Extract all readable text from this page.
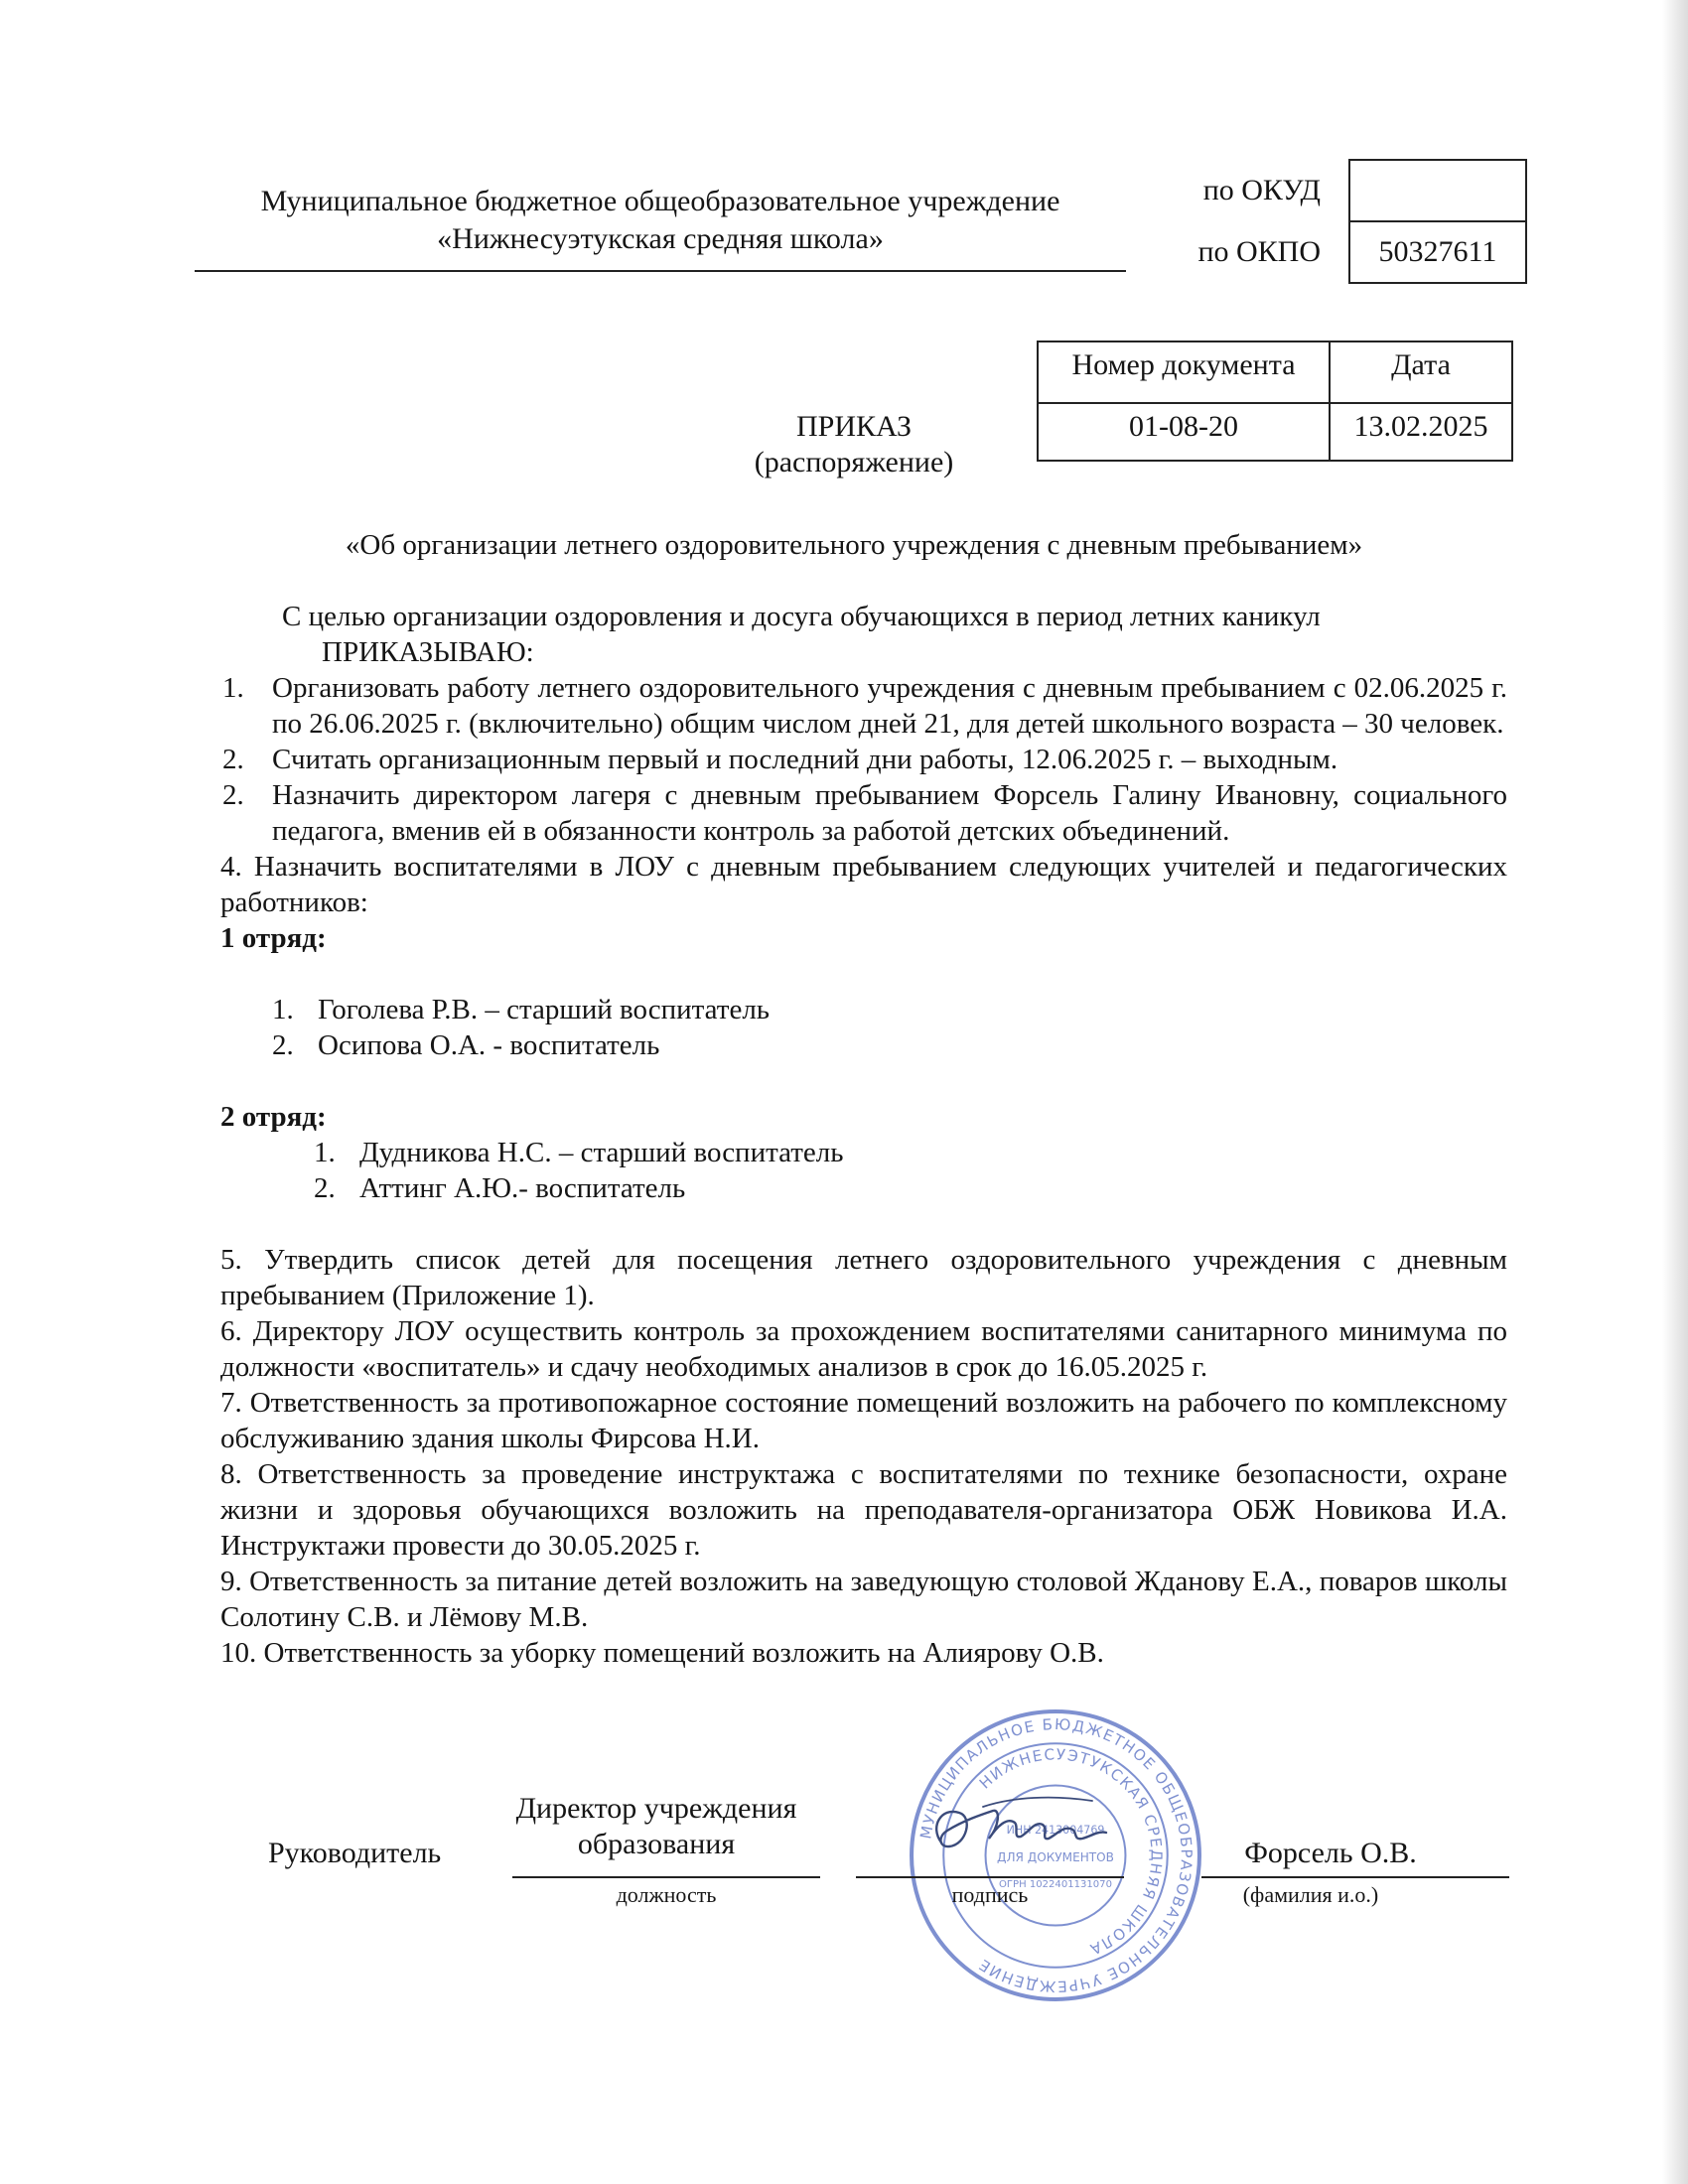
Муниципальное бюджетное общеобразовательное учреждение
«Нижнесуэтукская средняя школа»
по ОКУД	
по ОКПО	50327611
Номер документа	Дата
01-08-20	13.02.2025
ПРИКАЗ
(распоряжение)
«Об организации летнего оздоровительного учреждения с дневным пребыванием»

С целью организации оздоровления и досуга обучающихся в период летних каникул

ПРИКАЗЫВАЮ:

1. Организовать работу летнего оздоровительного учреждения с дневным пребыванием с 02.06.2025 г. по 26.06.2025 г. (включительно) общим числом дней 21, для детей школьного возраста – 30 человек.

2. Считать организационным первый и последний дни работы, 12.06.2025 г. – выходным.

2. Назначить директором лагеря с дневным пребыванием Форсель Галину Ивановну, социального педагога, вменив ей в обязанности контроль за работой детских объединений.

4. Назначить воспитателями в ЛОУ с дневным пребыванием следующих учителей и педагогических работников:

1 отряд:

1. Гоголева Р.В. – старший воспитатель
2. Осипова О.А. - воспитатель

2 отряд:

1. Дудникова Н.С. – старший воспитатель
2. Аттинг А.Ю.- воспитатель

5. Утвердить список детей для посещения летнего оздоровительного учреждения с дневным пребыванием (Приложение 1).

6. Директору ЛОУ осуществить контроль за прохождением воспитателями санитарного минимума по должности «воспитатель» и сдачу необходимых анализов в срок до 16.05.2025 г.

7. Ответственность за противопожарное состояние помещений возложить на рабочего по комплексному обслуживанию здания школы Фирсова Н.И.

8. Ответственность за проведение инструктажа с воспитателями по технике безопасности, охране жизни и здоровья обучающихся возложить на преподавателя-организатора ОБЖ Новикова И.А. Инструктажи провести до 30.05.2025 г.

9. Ответственность за питание детей возложить на заведующую столовой Жданову Е.А., поваров школы Солотину С.В. и Лёмову М.В.

10. Ответственность за уборку помещений возложить на Алиярову О.В.

МУНИЦИПАЛЬНОЕ БЮДЖЕТНОЕ ОБЩЕОБРАЗОВАТЕЛЬНОЕ УЧРЕЖДЕНИЕ
НИЖНЕСУЭТУКСКАЯ СРЕДНЯЯ ШКОЛА
ИНН 2413004769
ДЛЯ ДОКУМЕНТОВ
ОГРН 1022401131070
Руководитель
Директор учреждения
образования
должность	подпись
Форсель О.В.
(фамилия и.о.)
